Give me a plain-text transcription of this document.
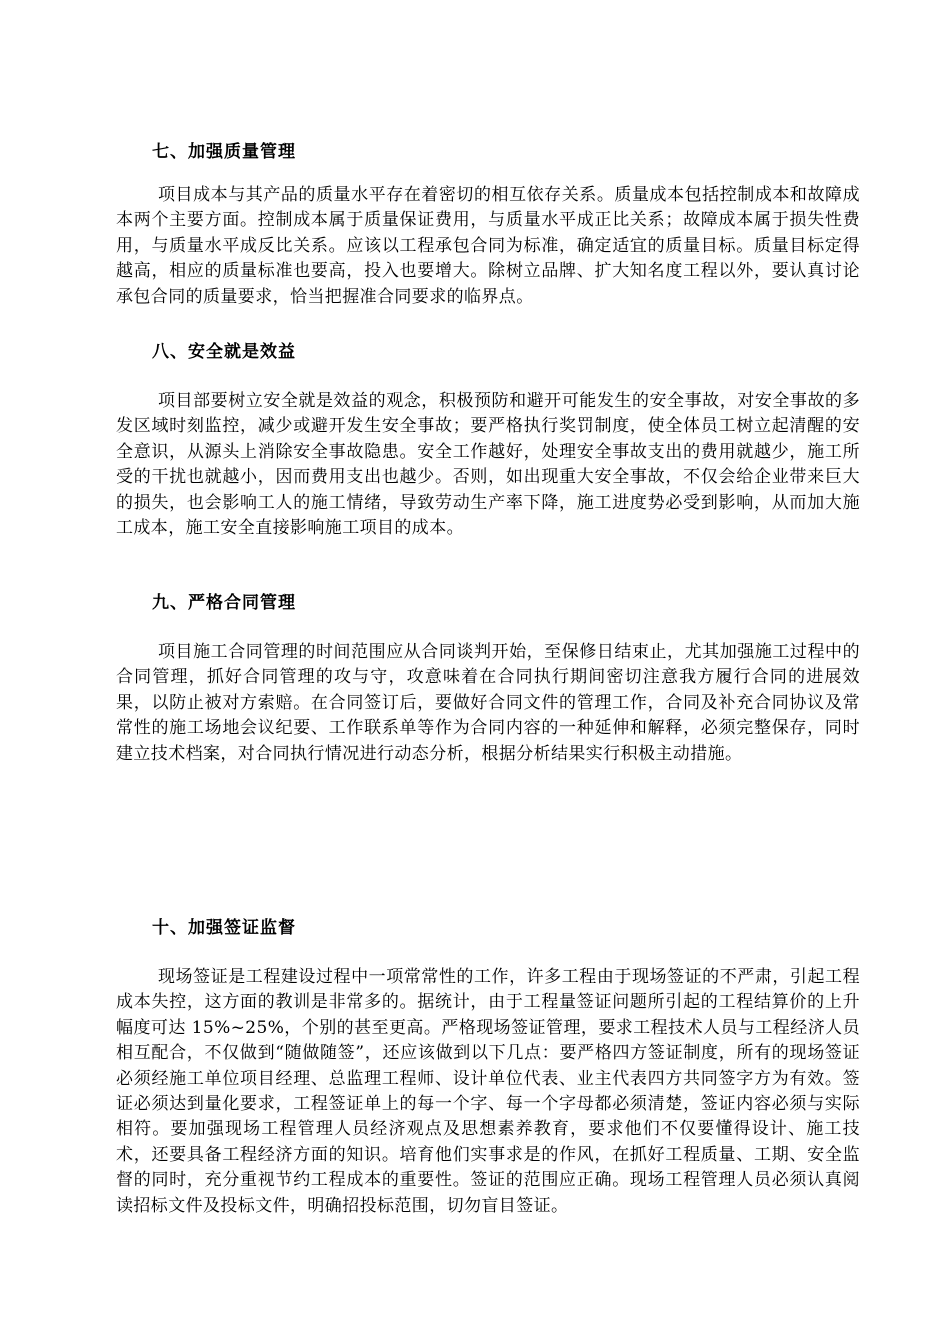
七、加强质量管理

项目成本与其产品的质量水平存在着密切的相互依存关系。质量成本包括控制成本和故障成本两个主要方面。控制成本属于质量保证费用，与质量水平成正比关系；故障成本属于损失性费用，与质量水平成反比关系。应该以工程承包合同为标准，确定适宜的质量目标。质量目标定得越高，相应的质量标准也要高，投入也要增大。除树立品牌、扩大知名度工程以外，要认真讨论承包合同的质量要求，恰当把握准合同要求的临界点。

八、安全就是效益

项目部要树立安全就是效益的观念，积极预防和避开可能发生的安全事故，对安全事故的多发区域时刻监控，减少或避开发生安全事故；要严格执行奖罚制度，使全体员工树立起清醒的安全意识，从源头上消除安全事故隐患。安全工作越好，处理安全事故支出的费用就越少，施工所受的干扰也就越小，因而费用支出也越少。否则，如出现重大安全事故，不仅会给企业带来巨大的损失，也会影响工人的施工情绪，导致劳动生产率下降，施工进度势必受到影响，从而加大施工成本，施工安全直接影响施工项目的成本。

九、严格合同管理

项目施工合同管理的时间范围应从合同谈判开始，至保修日结束止，尤其加强施工过程中的合同管理，抓好合同管理的攻与守，攻意味着在合同执行期间密切注意我方履行合同的进展效果，以防止被对方索赔。在合同签订后，要做好合同文件的管理工作，合同及补充合同协议及常常性的施工场地会议纪要、工作联系单等作为合同内容的一种延伸和解释，必须完整保存，同时建立技术档案，对合同执行情况进行动态分析，根据分析结果实行积极主动措施。

十、加强签证监督

现场签证是工程建设过程中一项常常性的工作，许多工程由于现场签证的不严肃，引起工程成本失控，这方面的教训是非常多的。据统计，由于工程量签证问题所引起的工程结算价的上升幅度可达 15%~25%，个别的甚至更高。严格现场签证管理，要求工程技术人员与工程经济人员相互配合，不仅做到“随做随签”，还应该做到以下几点：要严格四方签证制度，所有的现场签证必须经施工单位项目经理、总监理工程师、设计单位代表、业主代表四方共同签字方为有效。签证必须达到量化要求，工程签证单上的每一个字、每一个字母都必须清楚，签证内容必须与实际相符。要加强现场工程管理人员经济观点及思想素养教育，要求他们不仅要懂得设计、施工技术，还要具备工程经济方面的知识。培育他们实事求是的作风，在抓好工程质量、工期、安全监督的同时，充分重视节约工程成本的重要性。签证的范围应正确。现场工程管理人员必须认真阅读招标文件及投标文件，明确招投标范围，切勿盲目签证。
